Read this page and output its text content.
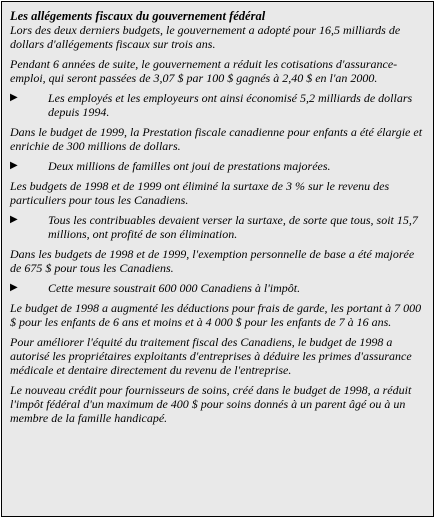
Les allégements fiscaux du gouvernement fédéral

Lors des deux derniers budgets, le gouvernement a adopté pour 16,5 milliards de dollars d'allégements fiscaux sur trois ans.

Pendant 6 années de suite, le gouvernement a réduit les cotisations d'assurance-emploi, qui seront passées de 3,07 $ par 100 $ gagnés à 2,40 $ en l'an 2000.

▶	Les employés et les employeurs ont ainsi économisé 5,2 milliards de dollars depuis 1994.

Dans le budget de 1999, la Prestation fiscale canadienne pour enfants a été élargie et enrichie de 300 millions de dollars.

▶	Deux millions de familles ont joui de prestations majorées.

Les budgets de 1998 et de 1999 ont éliminé la surtaxe de 3 % sur le revenu des particuliers pour tous les Canadiens.

▶	Tous les contribuables devaient verser la surtaxe, de sorte que tous, soit 15,7 millions, ont profité de son élimination.

Dans les budgets de 1998 et de 1999, l'exemption personnelle de base a été majorée de 675 $ pour tous les Canadiens.

▶	Cette mesure soustrait 600 000 Canadiens à l'impôt.

Le budget de 1998 a augmenté les déductions pour frais de garde, les portant à 7 000 $ pour les enfants de 6 ans et moins et à 4 000 $ pour les enfants de 7 à 16 ans.

Pour améliorer l'équité du traitement fiscal des Canadiens, le budget de 1998 a autorisé les propriétaires exploitants d'entreprises à déduire les primes d'assurance médicale et dentaire directement du revenu de l'entreprise.

Le nouveau crédit pour fournisseurs de soins, créé dans le budget de 1998, a réduit l'impôt fédéral d'un maximum de 400 $ pour soins donnés à un parent âgé ou à un membre de la famille handicapé.
